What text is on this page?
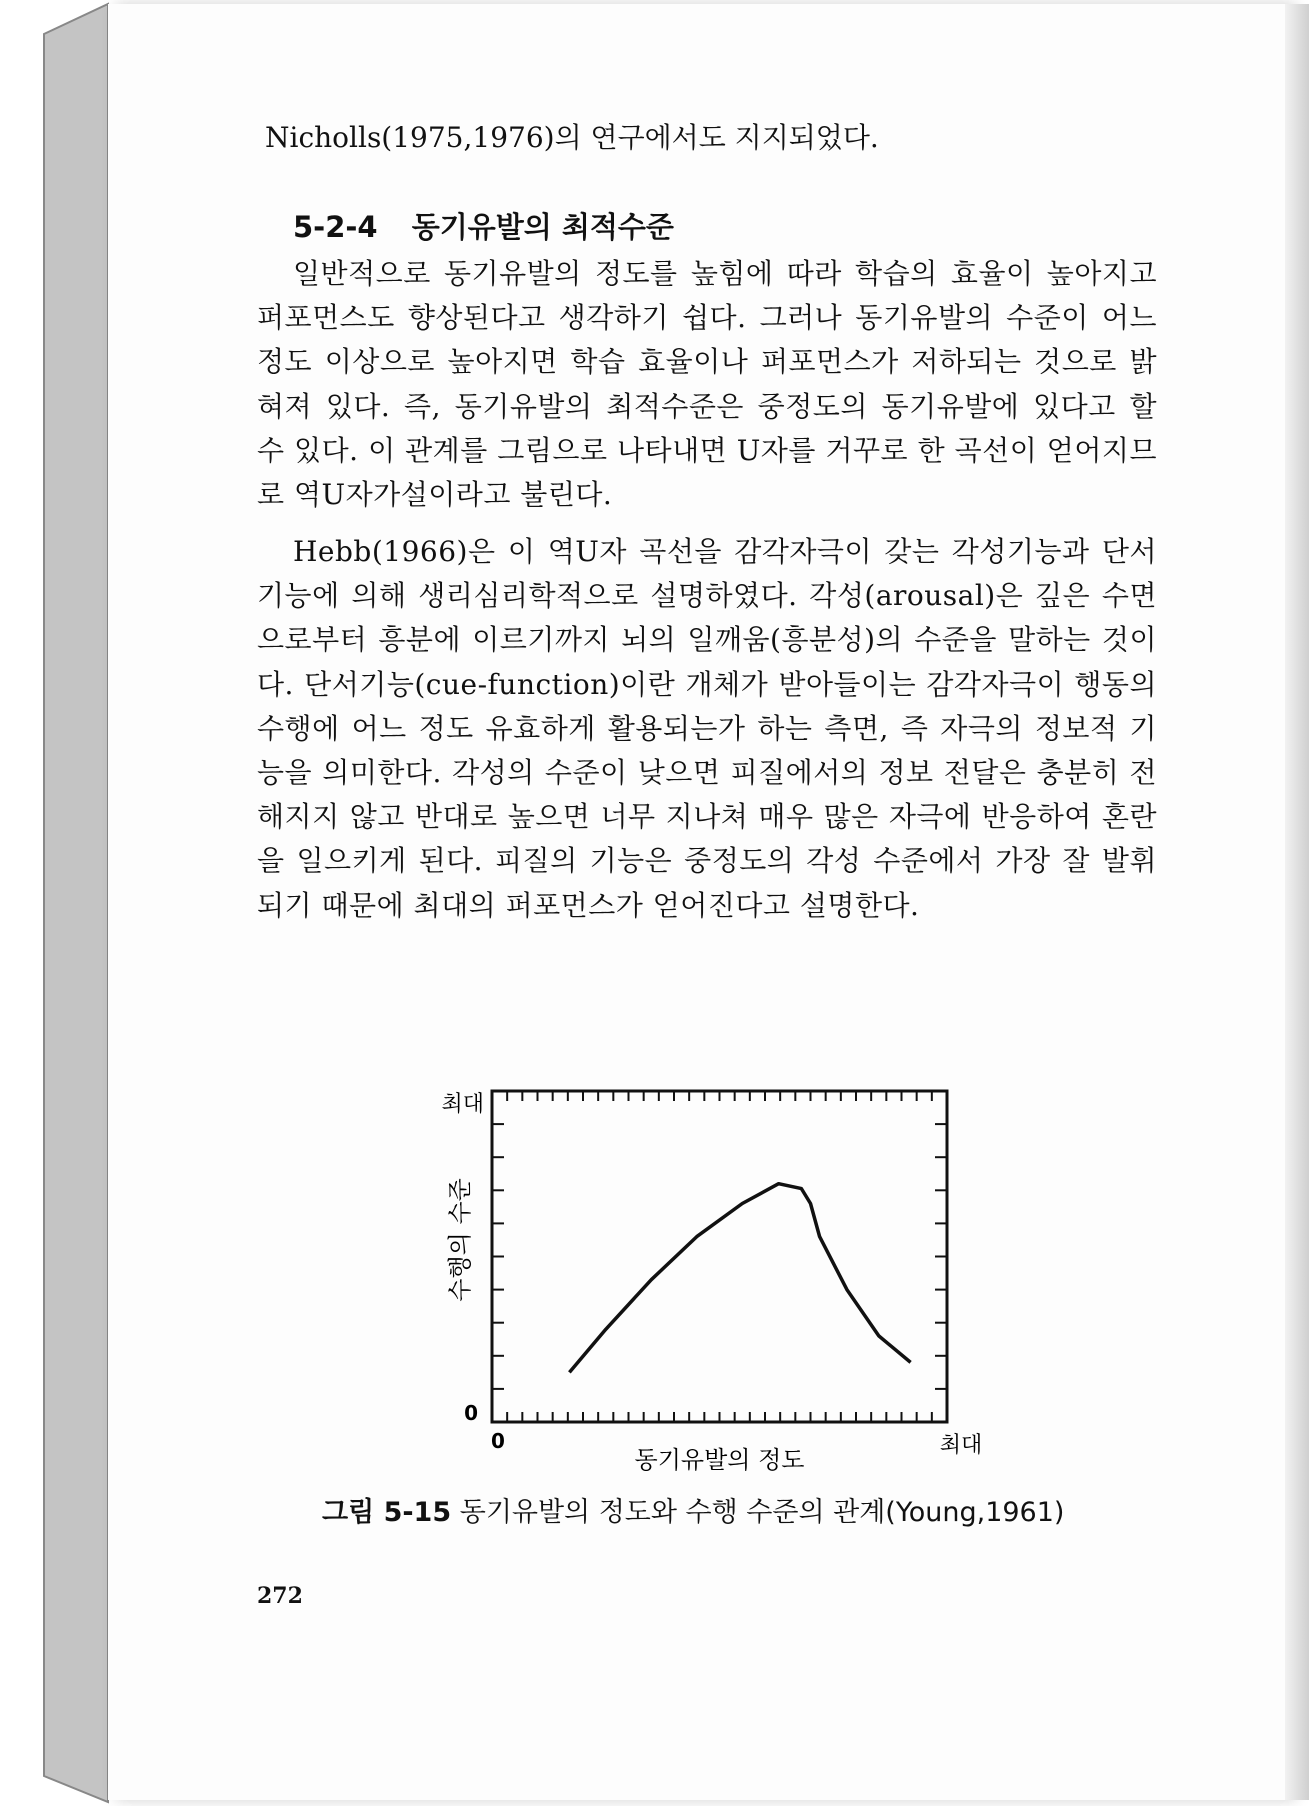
Nicholls(1975,1976)의 연구에서도 지지되었다.
5-2-4 동기유발의 최적수준

일반적으로 동기유발의 정도를 높힘에 따라 학습의 효율이 높아지고 퍼포먼스도 향상된다고 생각하기 쉽다. 그러나 동기유발의 수준이 어느 정도 이상으로 높아지면 학습 효율이나 퍼포먼스가 저하되는 것으로 밝혀져 있다. 즉, 동기유발의 최적수준은 중정도의 동기유발에 있다고 할 수 있다. 이 관계를 그림으로 나타내면 U자를 거꾸로 한 곡선이 얻어지므로 역U자가설이라고 불린다.

Hebb(1966)은 이 역U자 곡선을 감각자극이 갖는 각성기능과 단서기능에 의해 생리심리학적으로 설명하였다. 각성(arousal)은 깊은 수면으로부터 흥분에 이르기까지 뇌의 일깨움(흥분성)의 수준을 말하는 것이다. 단서기능(cue-function)이란 개체가 받아들이는 감각자극이 행동의 수행에 어느 정도 유효하게 활용되는가 하는 측면, 즉 자극의 정보적 기능을 의미한다. 각성의 수준이 낮으면 피질에서의 정보 전달은 충분히 전해지지 않고 반대로 높으면 너무 지나쳐 매우 많은 자극에 반응하여 혼란을 일으키게 된다. 피질의 기능은 중정도의 각성 수준에서 가장 잘 발휘되기 때문에 최대의 퍼포먼스가 얻어진다고 설명한다.

최대
0
0	최대
동기유발의 정도
수행의 수준
그림 5-15 동기유발의 정도와 수행 수준의 관계(Young,1961)
272
